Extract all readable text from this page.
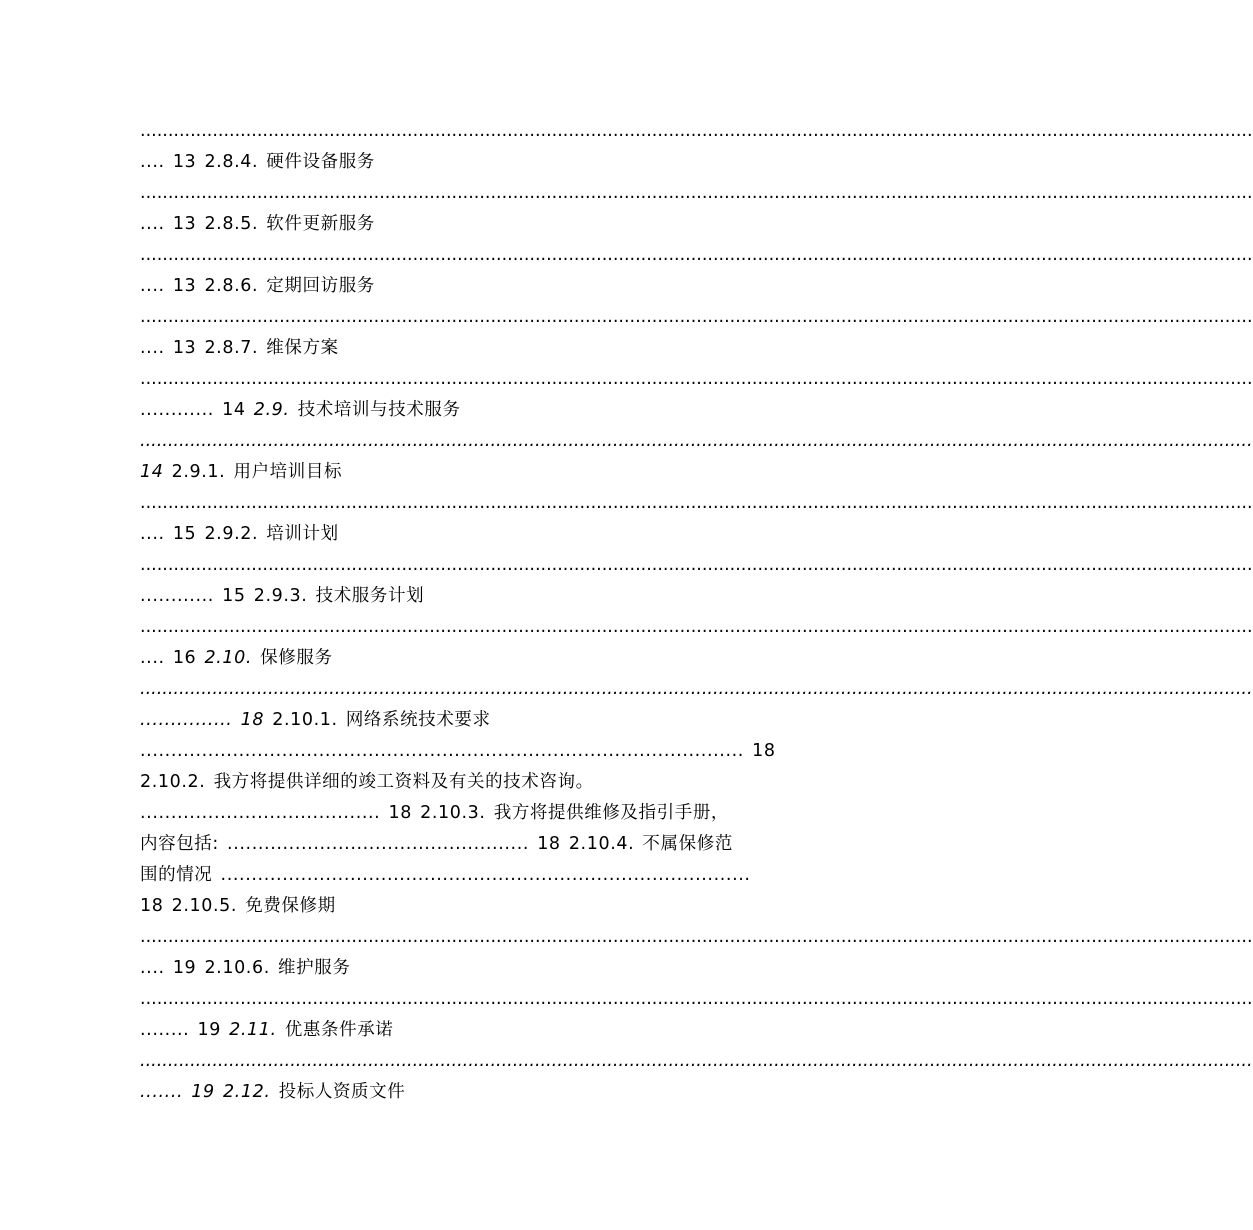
........................................................................................................................................................................................................
.... 13 2.8.4. 硬件设备服务
........................................................................................................................................................................................................
.... 13 2.8.5. 软件更新服务
........................................................................................................................................................................................................
.... 13 2.8.6. 定期回访服务
........................................................................................................................................................................................................
.... 13 2.8.7. 维保方案
........................................................................................................................................................................................................
............ 14 2.9. 技术培训与技术服务
........................................................................................................................................................................................................
14 2.9.1. 用户培训目标
........................................................................................................................................................................................................
.... 15 2.9.2. 培训计划
........................................................................................................................................................................................................
............ 15 2.9.3. 技术服务计划
........................................................................................................................................................................................................
.... 16 2.10. 保修服务
........................................................................................................................................................................................................
............... 18 2.10.1. 网络系统技术要求
.................................................................................................. 18
2.10.2. 我方将提供详细的竣工资料及有关的技术咨询。
....................................... 18 2.10.3. 我方将提供维修及指引手册，
内容包括: ................................................. 18 2.10.4. 不属保修范
围的情况 ......................................................................................
18 2.10.5. 免费保修期
........................................................................................................................................................................................................
.... 19 2.10.6. 维护服务
........................................................................................................................................................................................................
........ 19 2.11. 优惠条件承诺
........................................................................................................................................................................................................
....... 19 2.12. 投标人资质文件
